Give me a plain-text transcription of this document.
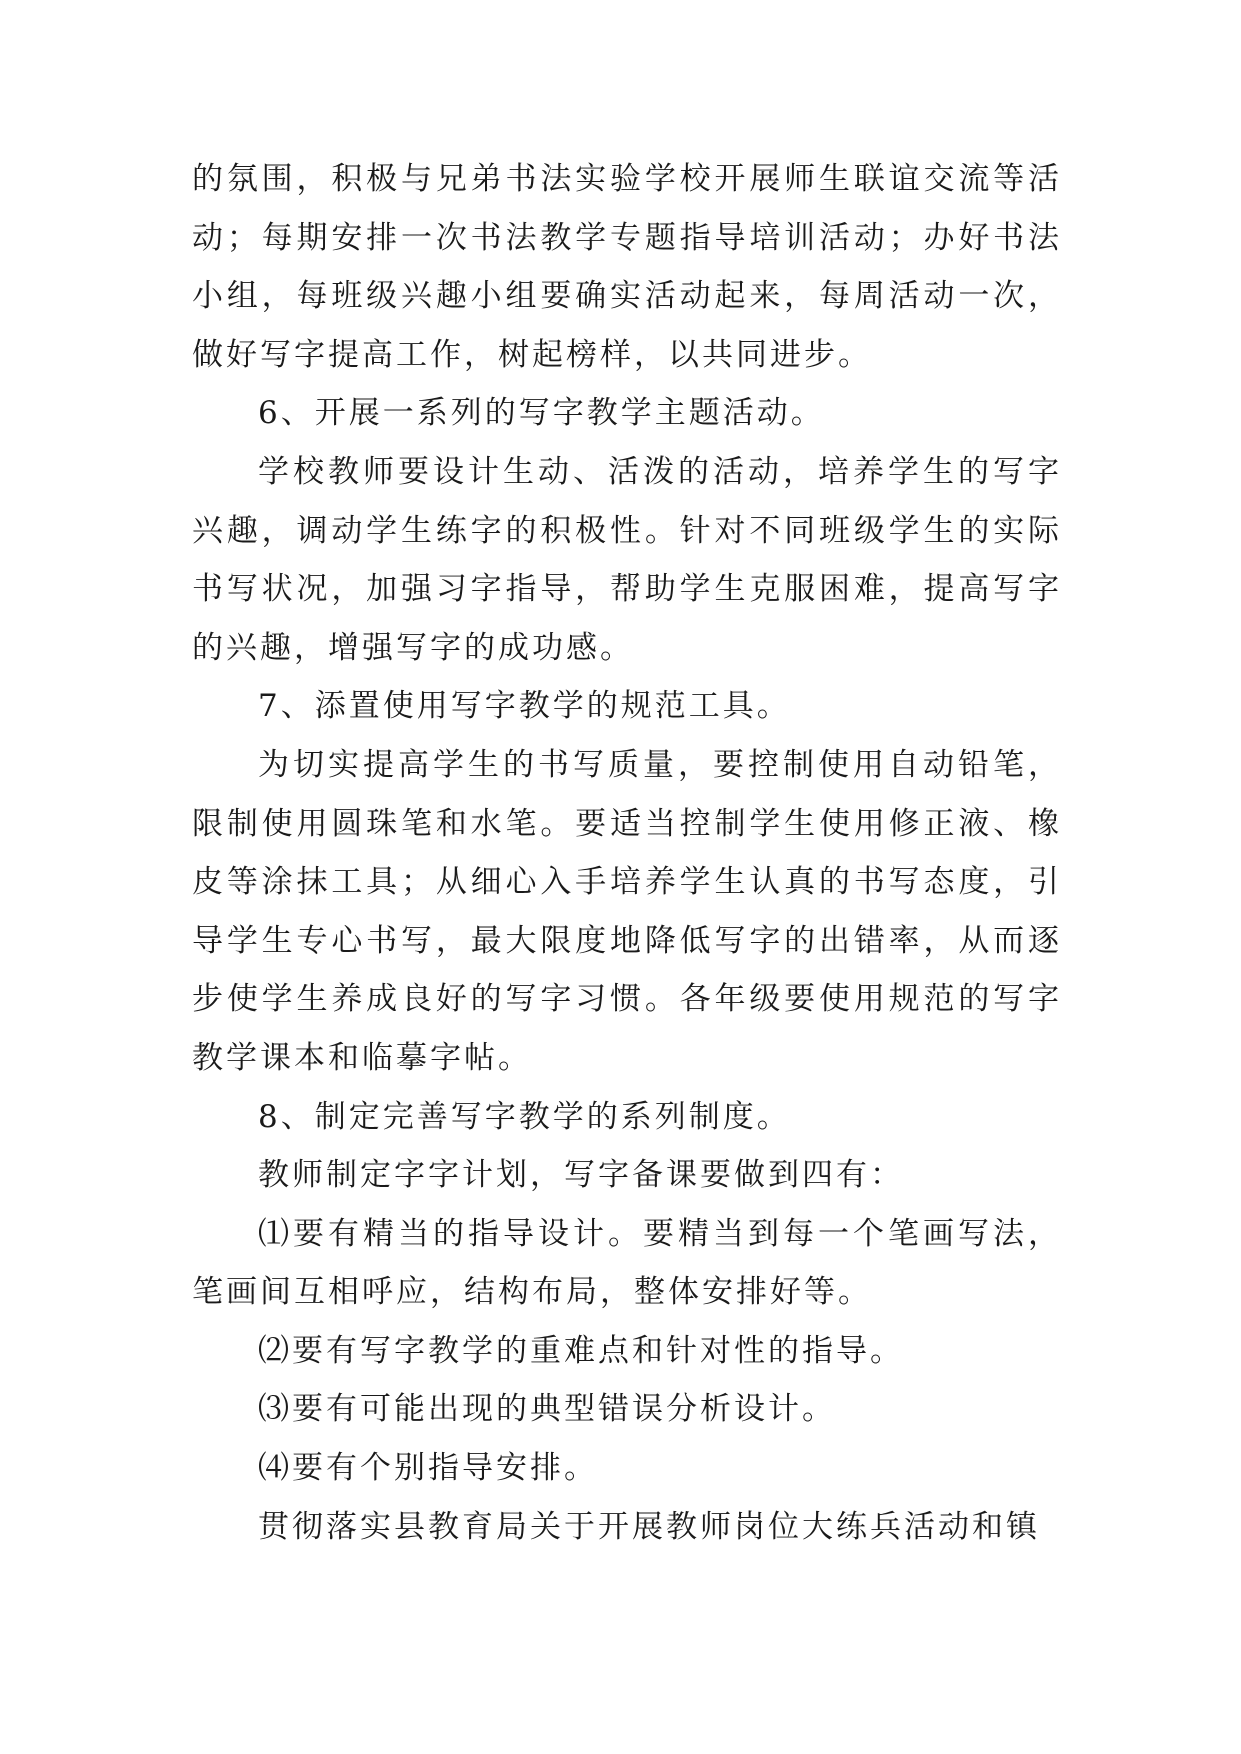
的氛围，积极与兄弟书法实验学校开展师生联谊交流等活动；每期安排一次书法教学专题指导培训活动；办好书法小组，每班级兴趣小组要确实活动起来，每周活动一次，做好写字提高工作，树起榜样，以共同进步。

6、开展一系列的写字教学主题活动。

学校教师要设计生动、活泼的活动，培养学生的写字兴趣，调动学生练字的积极性。针对不同班级学生的实际书写状况，加强习字指导，帮助学生克服困难，提高写字的兴趣，增强写字的成功感。

7、添置使用写字教学的规范工具。

为切实提高学生的书写质量，要控制使用自动铅笔，限制使用圆珠笔和水笔。要适当控制学生使用修正液、橡皮等涂抹工具；从细心入手培养学生认真的书写态度，引导学生专心书写，最大限度地降低写字的出错率，从而逐步使学生养成良好的写字习惯。各年级要使用规范的写字教学课本和临摹字帖。

8、制定完善写字教学的系列制度。

教师制定字字计划，写字备课要做到四有：

⑴要有精当的指导设计。要精当到每一个笔画写法，笔画间互相呼应，结构布局，整体安排好等。

⑵要有写字教学的重难点和针对性的指导。

⑶要有可能出现的典型错误分析设计。

⑷要有个别指导安排。

贯彻落实县教育局关于开展教师岗位大练兵活动和镇
